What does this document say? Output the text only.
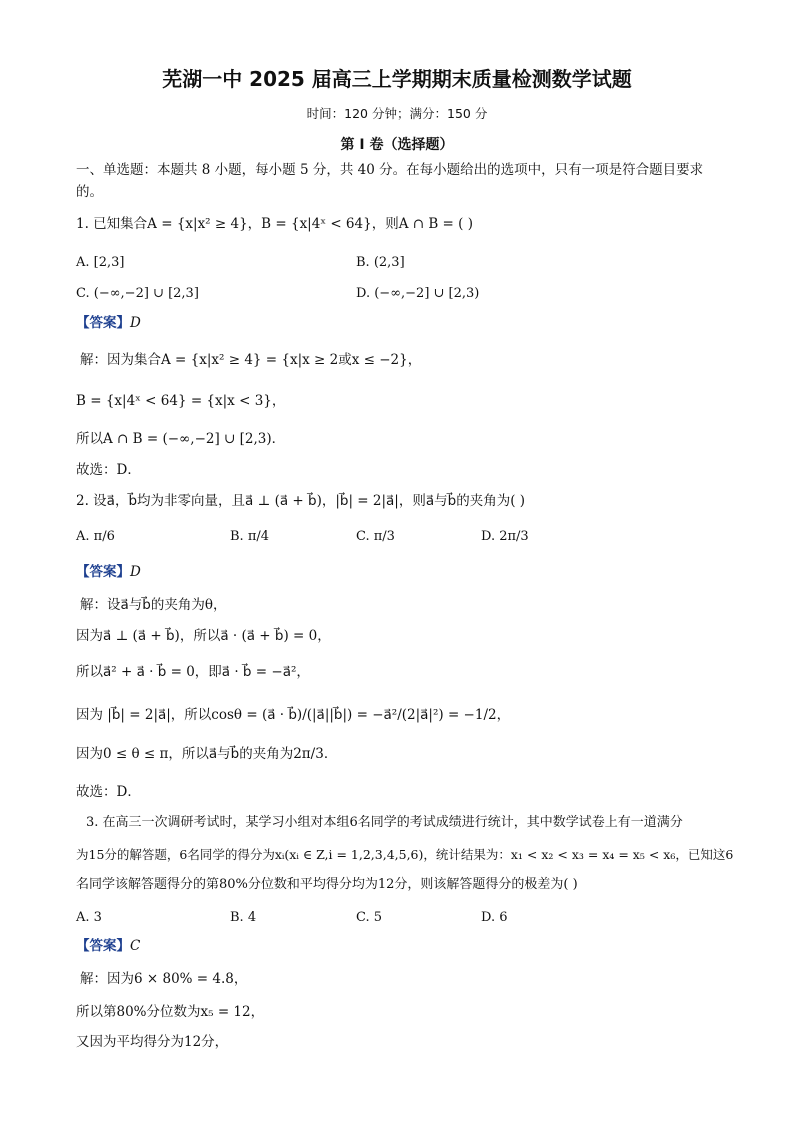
芜湖一中 2025 届高三上学期期末质量检测数学试题
时间：120 分钟；满分：150 分
第 I 卷（选择题）
一、单选题：本题共 8 小题，每小题 5 分，共 40 分。在每小题给出的选项中，只有一项是符合题目要求
的。
1. 已知集合A = {x|x² ≥ 4}，B = {x|4ˣ < 64}，则A ∩ B = ( )
A. [2,3]	B. (2,3]
C. (−∞,−2] ∪ [2,3]	D. (−∞,−2] ∪ [2,3)
【答案】D
解：因为集合A = {x|x² ≥ 4} = {x|x ≥ 2或x ≤ −2}，
B = {x|4ˣ < 64} = {x|x < 3}，
所以A ∩ B = (−∞,−2] ∪ [2,3)．
故选：D．
2. 设a⃗，b⃗均为非零向量，且a⃗ ⊥ (a⃗ + b⃗)，|b⃗| = 2|a⃗|，则a⃗与b⃗的夹角为( )
A. π/6	B. π/4	C. π/3	D. 2π/3
【答案】D
解：设a⃗与b⃗的夹角为θ，
因为a⃗ ⊥ (a⃗ + b⃗)，所以a⃗ · (a⃗ + b⃗) = 0，
所以a⃗² + a⃗ · b⃗ = 0，即a⃗ · b⃗ = −a⃗²，
因为 |b⃗| = 2|a⃗|，所以cosθ = (a⃗ · b⃗)/(|a⃗||b⃗|) = −a⃗²/(2|a⃗|²) = −1/2，
因为0 ≤ θ ≤ π，所以a⃗与b⃗的夹角为2π/3．
故选：D．
3. 在高三一次调研考试时，某学习小组对本组6名同学的考试成绩进行统计，其中数学试卷上有一道满分
为15分的解答题，6名同学的得分为xᵢ(xᵢ ∈ Z,i = 1,2,3,4,5,6)，统计结果为：x₁ < x₂ < x₃ = x₄ = x₅ < x₆，已知这6
名同学该解答题得分的第80%分位数和平均得分均为12分，则该解答题得分的极差为( )
A. 3	B. 4	C. 5	D. 6
【答案】C
解：因为6 × 80% = 4.8，
所以第80%分位数为x₅ = 12，
又因为平均得分为12分，
